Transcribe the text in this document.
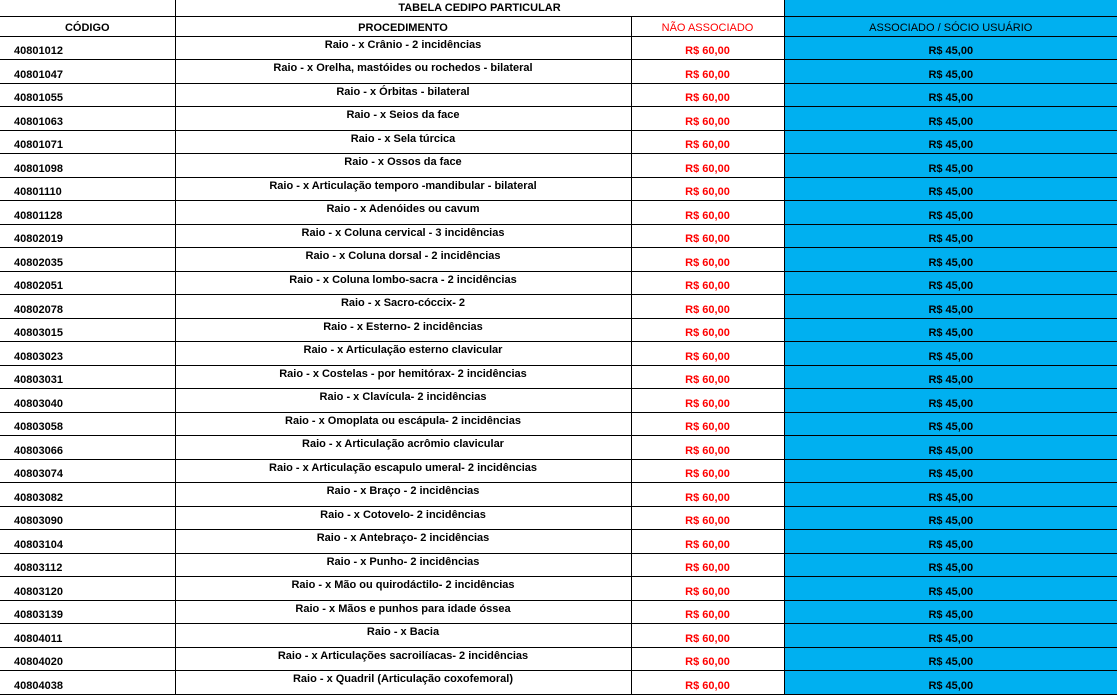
	TABELA CEDIPO PARTICULAR		
CÓDIGO	PROCEDIMENTO	NÃO ASSOCIADO	ASSOCIADO / SÓCIO USUÁRIO
40801012	Raio - x Crânio - 2 incidências	R$ 60,00	R$ 45,00
40801047	Raio - x Orelha, mastóides ou rochedos - bilateral	R$ 60,00	R$ 45,00
40801055	Raio - x Órbitas - bilateral	R$ 60,00	R$ 45,00
40801063	Raio - x Seios da face	R$ 60,00	R$ 45,00
40801071	Raio - x Sela túrcica	R$ 60,00	R$ 45,00
40801098	Raio - x Ossos da face	R$ 60,00	R$ 45,00
40801110	Raio - x Articulação temporo -mandibular - bilateral	R$ 60,00	R$ 45,00
40801128	Raio - x Adenóides ou cavum	R$ 60,00	R$ 45,00
40802019	Raio - x Coluna cervical - 3 incidências	R$ 60,00	R$ 45,00
40802035	Raio - x Coluna dorsal - 2 incidências	R$ 60,00	R$ 45,00
40802051	Raio - x Coluna lombo-sacra - 2 incidências	R$ 60,00	R$ 45,00
40802078	Raio - x Sacro-cóccix- 2	R$ 60,00	R$ 45,00
40803015	Raio - x Esterno- 2 incidências	R$ 60,00	R$ 45,00
40803023	Raio - x Articulação esterno clavicular	R$ 60,00	R$ 45,00
40803031	Raio - x Costelas - por hemitórax- 2 incidências	R$ 60,00	R$ 45,00
40803040	Raio - x Clavícula- 2 incidências	R$ 60,00	R$ 45,00
40803058	Raio - x Omoplata ou escápula- 2 incidências	R$ 60,00	R$ 45,00
40803066	Raio - x Articulação acrômio clavicular	R$ 60,00	R$ 45,00
40803074	Raio - x Articulação escapulo umeral- 2 incidências	R$ 60,00	R$ 45,00
40803082	Raio - x Braço - 2 incidências	R$ 60,00	R$ 45,00
40803090	Raio - x Cotovelo- 2 incidências	R$ 60,00	R$ 45,00
40803104	Raio - x Antebraço- 2 incidências	R$ 60,00	R$ 45,00
40803112	Raio - x Punho- 2 incidências	R$ 60,00	R$ 45,00
40803120	Raio - x Mão ou quirodáctilo- 2 incidências	R$ 60,00	R$ 45,00
40803139	Raio - x Mãos e punhos para idade óssea	R$ 60,00	R$ 45,00
40804011	Raio - x Bacia	R$ 60,00	R$ 45,00
40804020	Raio - x Articulações sacroilíacas- 2 incidências	R$ 60,00	R$ 45,00
40804038	Raio - x Quadril (Articulação coxofemoral)	R$ 60,00	R$ 45,00
